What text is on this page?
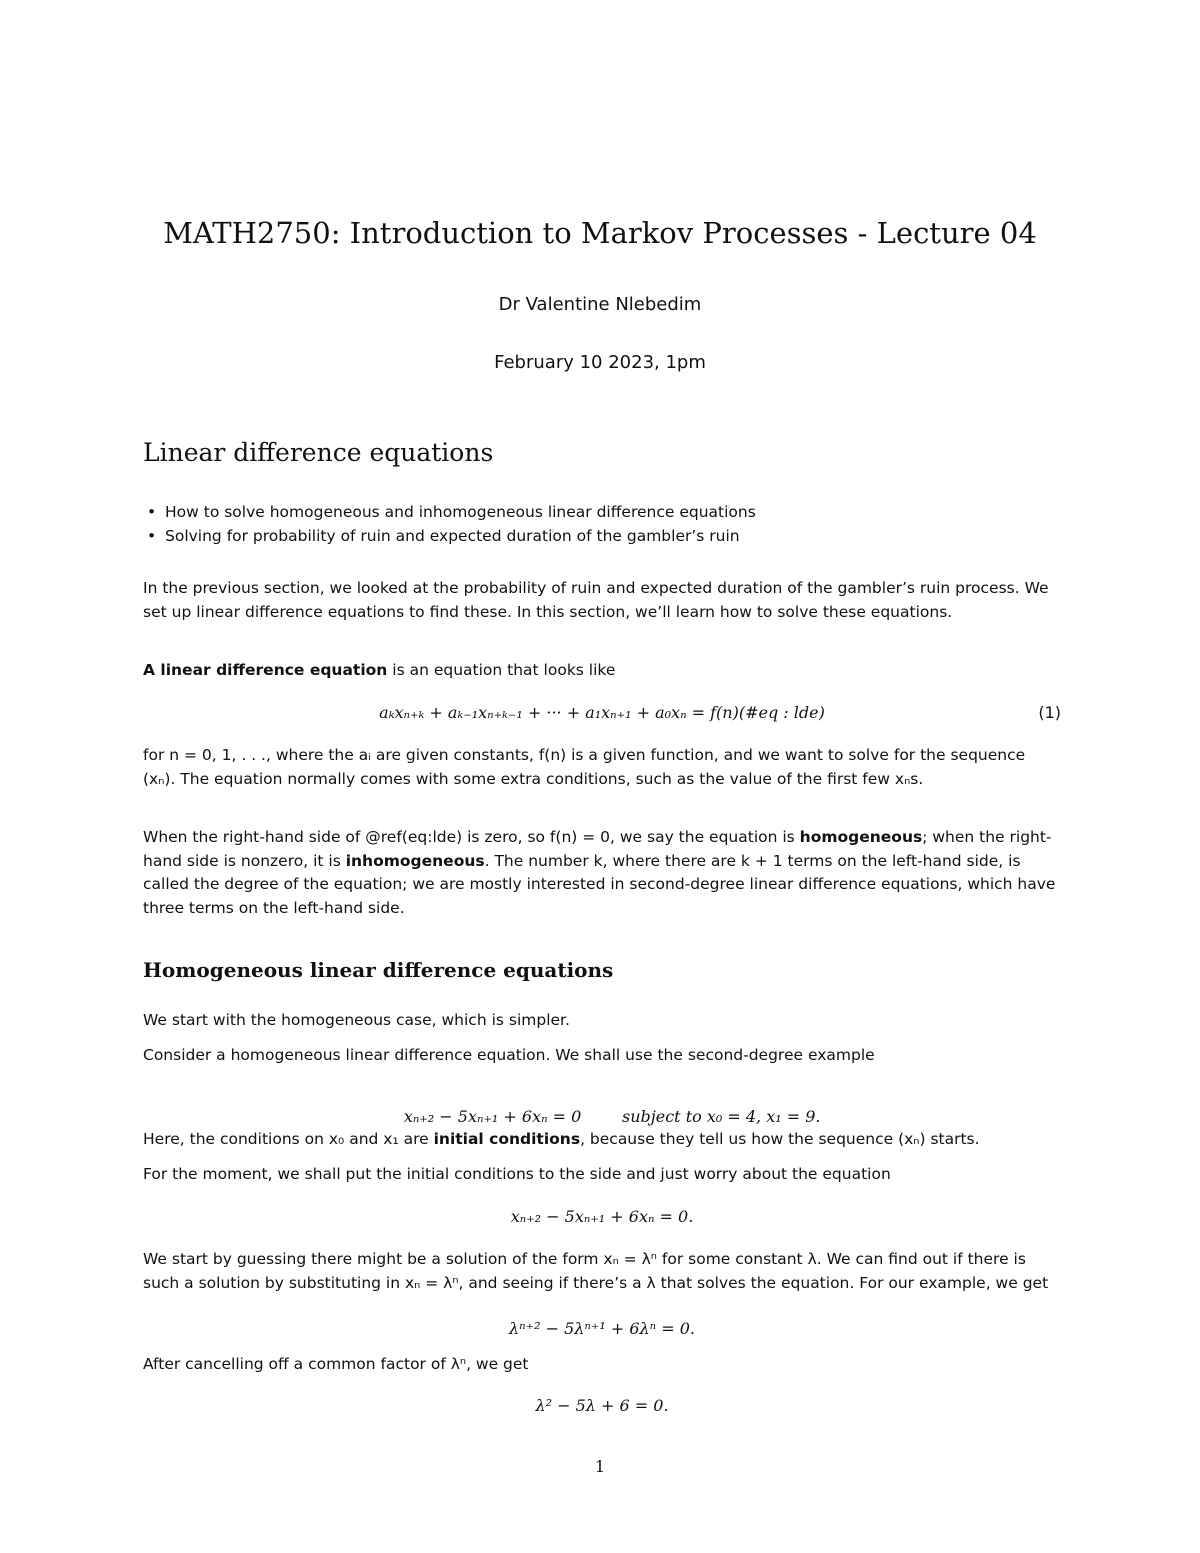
MATH2750: Introduction to Markov Processes - Lecture 04
Dr Valentine Nlebedim
February 10 2023, 1pm
Linear difference equations
• How to solve homogeneous and inhomogeneous linear difference equations
• Solving for probability of ruin and expected duration of the gambler’s ruin

In the previous section, we looked at the probability of ruin and expected duration of the gambler’s ruin process. We set up linear difference equations to find these. In this section, we’ll learn how to solve these equations.

A linear difference equation is an equation that looks like

aₖxₙ₊ₖ + aₖ₋₁xₙ₊ₖ₋₁ + ··· + a₁xₙ₊₁ + a₀xₙ = f(n)(#eq : lde)	(1)

for n = 0, 1, . . ., where the aᵢ are given constants, f(n) is a given function, and we want to solve for the sequence (xₙ). The equation normally comes with some extra conditions, such as the value of the first few xₙs.

When the right-hand side of @ref(eq:lde) is zero, so f(n) = 0, we say the equation is homogeneous; when the right-hand side is nonzero, it is inhomogeneous. The number k, where there are k + 1 terms on the left-hand side, is called the degree of the equation; we are mostly interested in second-degree linear difference equations, which have three terms on the left-hand side.

Homogeneous linear difference equations

We start with the homogeneous case, which is simpler.

Consider a homogeneous linear difference equation. We shall use the second-degree example

xₙ₊₂ − 5xₙ₊₁ + 6xₙ = 0        subject to x₀ = 4, x₁ = 9.

Here, the conditions on x₀ and x₁ are initial conditions, because they tell us how the sequence (xₙ) starts.

For the moment, we shall put the initial conditions to the side and just worry about the equation

xₙ₊₂ − 5xₙ₊₁ + 6xₙ = 0.

We start by guessing there might be a solution of the form xₙ = λⁿ for some constant λ. We can find out if there is such a solution by substituting in xₙ = λⁿ, and seeing if there’s a λ that solves the equation. For our example, we get

λⁿ⁺² − 5λⁿ⁺¹ + 6λⁿ = 0.

After cancelling off a common factor of λⁿ, we get

λ² − 5λ + 6 = 0.
1
